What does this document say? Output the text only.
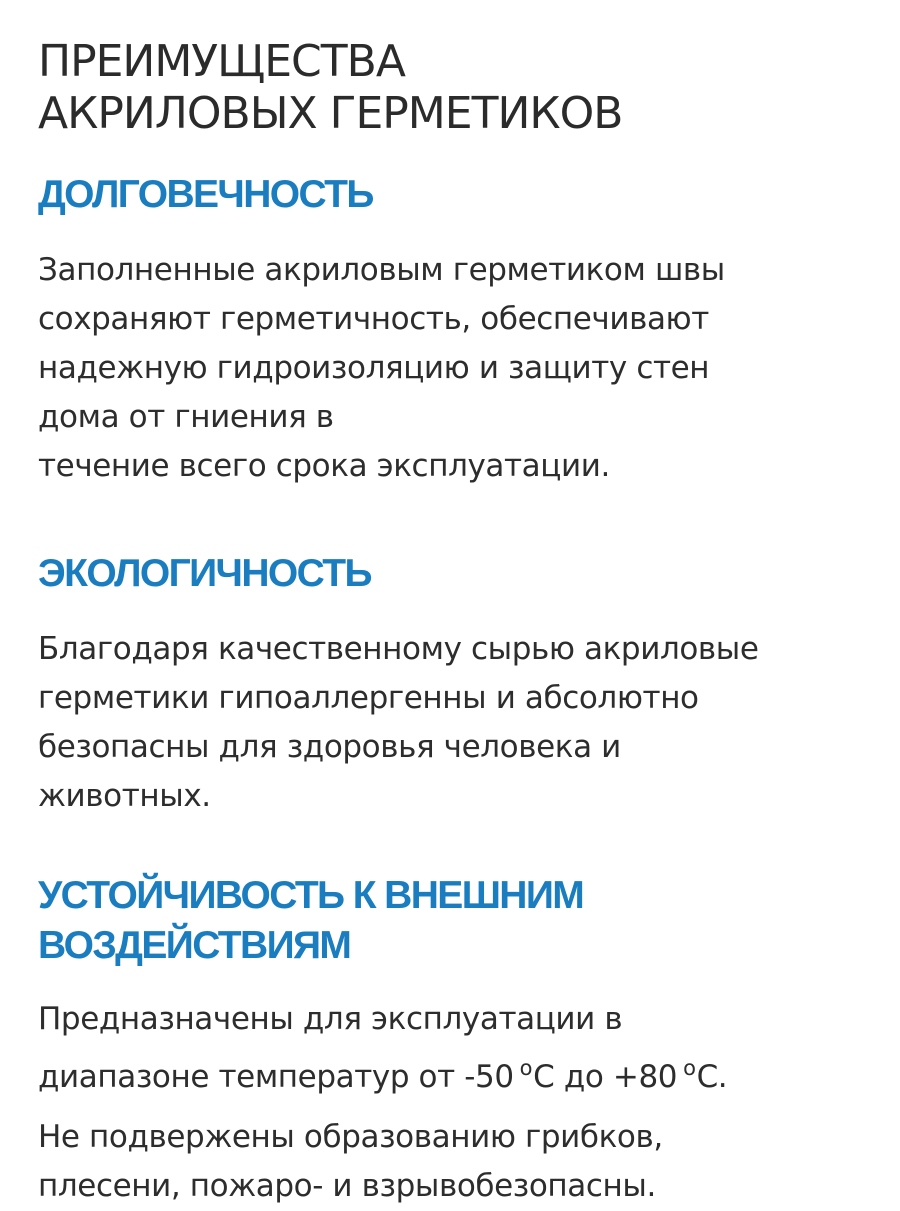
ПРЕИМУЩЕСТВА
АКРИЛОВЫХ ГЕРМЕТИКОВ
ДОЛГОВЕЧНОСТЬ
Заполненные акриловым герметиком швы
сохраняют герметичность, обеспечивают
надежную гидроизоляцию и защиту стен
дома от гниения в
течение всего срока эксплуатации.
ЭКОЛОГИЧНОСТЬ
Благодаря качественному сырью акриловые
герметики гипоаллергенны и абсолютно
безопасны для здоровья человека и
животных.
УСТОЙЧИВОСТЬ К ВНЕШНИМ
ВОЗДЕЙСТВИЯМ
Предназначены для эксплуатации в
диапазоне температур от -50 $^o$С до +80 $^o$С.
Не подвержены образованию грибков,
плесени, пожаро- и взрывобезопасны.
